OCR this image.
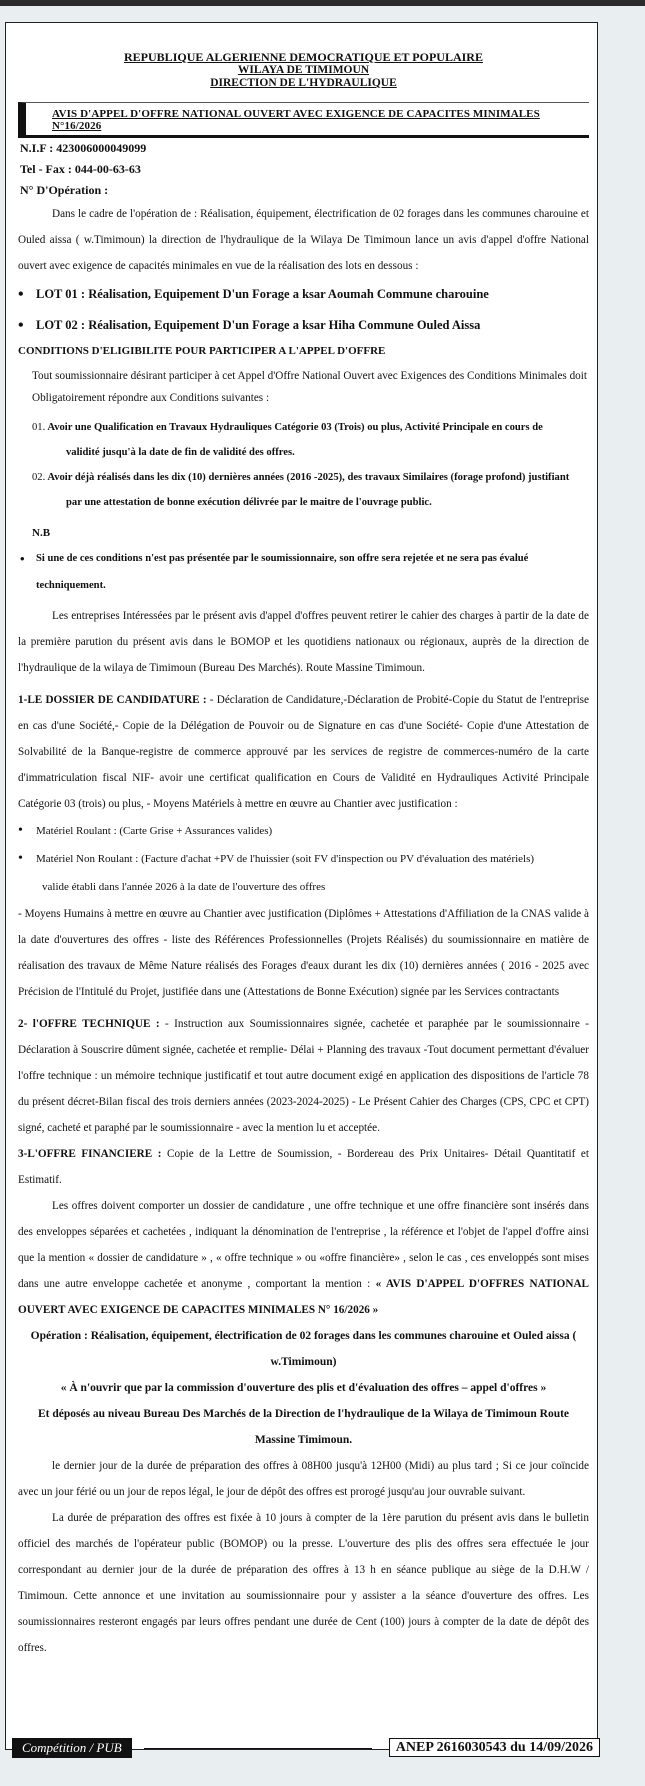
REPUBLIQUE ALGERIENNE DEMOCRATIQUE ET POPULAIRE
WILAYA DE TIMIMOUN
DIRECTION DE L'HYDRAULIQUE
AVIS D'APPEL D'OFFRE NATIONAL OUVERT AVEC EXIGENCE DE CAPACITES MINIMALES N°16/2026
N.I.F : 423006000049099
Tel - Fax : 044-00-63-63
N° D'Opération :

Dans le cadre de l'opération de : Réalisation, équipement, électrification de 02 forages dans les communes charouine et Ouled aissa ( w.Timimoun) la direction de l'hydraulique de la Wilaya De Timimoun lance un avis d'appel d'offre National ouvert avec exigence de capacités minimales en vue de la réalisation des lots en dessous :

• LOT 01 : Réalisation, Equipement D'un Forage a ksar Aoumah Commune charouine
• LOT 02 : Réalisation, Equipement D'un Forage a ksar Hiha Commune Ouled Aissa
CONDITIONS D'ELIGIBILITE POUR PARTICIPER A L'APPEL D'OFFRE

Tout soumissionnaire désirant participer à cet Appel d'Offre National Ouvert avec Exigences des Conditions Minimales doit Obligatoirement répondre aux Conditions suivantes :

01. Avoir une Qualification en Travaux Hydrauliques Catégorie 03 (Trois) ou plus, Activité Principale en cours de
validité jusqu'à la date de fin de validité des offres.
02. Avoir déjà réalisés dans les dix (10) dernières années (2016 -2025), des travaux Similaires (forage profond) justifiant
par une attestation de bonne exécution délivrée par le maitre de l'ouvrage public.
N.B

• Si une de ces conditions n'est pas présentée par le soumissionnaire, son offre sera rejetée et ne sera pas évalué techniquement.

Les entreprises Intéressées par le présent avis d'appel d'offres peuvent retirer le cahier des charges à partir de la date de la première parution du présent avis dans le BOMOP et les quotidiens nationaux ou régionaux, auprès de la direction de l'hydraulique de la wilaya de Timimoun (Bureau Des Marchés). Route Massine Timimoun.

1-LE DOSSIER DE CANDIDATURE : - Déclaration de Candidature,-Déclaration de Probité-Copie du Statut de l'entreprise en cas d'une Société,- Copie de la Délégation de Pouvoir ou de Signature en cas d'une Société- Copie d'une Attestation de Solvabilité de la Banque-registre de commerce approuvé par les services de registre de commerces-numéro de la carte d'immatriculation fiscal NIF- avoir une certificat qualification en Cours de Validité en Hydrauliques Activité Principale Catégorie 03 (trois) ou plus, - Moyens Matériels à mettre en œuvre au Chantier avec justification :

• Matériel Roulant : (Carte Grise + Assurances valides)
• Matériel Non Roulant : (Facture d'achat +PV de l'huissier (soit FV d'inspection ou PV d'évaluation des matériels)
valide établi dans l'année 2026 à la date de l'ouverture des offres

- Moyens Humains à mettre en œuvre au Chantier avec justification (Diplômes + Attestations d'Affiliation de la CNAS valide à la date d'ouvertures des offres - liste des Références Professionnelles (Projets Réalisés) du soumissionnaire en matière de réalisation des travaux de Même Nature réalisés des Forages d'eaux durant les dix (10) dernières années ( 2016 - 2025 avec Précision de l'Intitulé du Projet, justifiée dans une (Attestations de Bonne Exécution) signée par les Services contractants

2- l'OFFRE TECHNIQUE : - Instruction aux Soumissionnaires signée, cachetée et paraphée par le soumissionnaire - Déclaration à Souscrire dûment signée, cachetée et remplie- Délai + Planning des travaux -Tout document permettant d'évaluer l'offre technique : un mémoire technique justificatif et tout autre document exigé en application des dispositions de l'article 78 du présent décret-Bilan fiscal des trois derniers années (2023-2024-2025) - Le Présent Cahier des Charges (CPS, CPC et CPT) signé, cacheté et paraphé par le soumissionnaire - avec la mention lu et acceptée.

3-L'OFFRE FINANCIERE : Copie de la Lettre de Soumission, - Bordereau des Prix Unitaires- Détail Quantitatif et Estimatif.

Les offres doivent comporter un dossier de candidature , une offre technique et une offre financière sont insérés dans des enveloppes séparées et cachetées , indiquant la dénomination de l'entreprise , la référence et l'objet de l'appel d'offre ainsi que la mention « dossier de candidature » , « offre technique » ou «offre financière» , selon le cas , ces enveloppés sont mises dans une autre enveloppe cachetée et anonyme , comportant la mention : « AVIS D'APPEL D'OFFRES NATIONAL OUVERT AVEC EXIGENCE DE CAPACITES MINIMALES N° 16/2026 »

Opération : Réalisation, équipement, électrification de 02 forages dans les communes charouine et Ouled aissa ( w.Timimoun)

« À n'ouvrir que par la commission d'ouverture des plis et d'évaluation des offres – appel d'offres »

Et déposés au niveau Bureau Des Marchés de la Direction de l'hydraulique de la Wilaya de Timimoun Route Massine Timimoun.

le dernier jour de la durée de préparation des offres à 08H00 jusqu'à 12H00 (Midi) au plus tard ; Si ce jour coïncide avec un jour férié ou un jour de repos légal, le jour de dépôt des offres est prorogé jusqu'au jour ouvrable suivant.

La durée de préparation des offres est fixée à 10 jours à compter de la 1ère parution du présent avis dans le bulletin officiel des marchés de l'opérateur public (BOMOP) ou la presse. L'ouverture des plis des offres sera effectuée le jour correspondant au dernier jour de la durée de préparation des offres à 13 h en séance publique au siège de la D.H.W / Timimoun. Cette annonce et une invitation au soumissionnaire pour y assister a la séance d'ouverture des offres. Les soumissionnaires resteront engagés par leurs offres pendant une durée de Cent (100) jours à compter de la date de dépôt des offres.

Compétition / PUB	ANEP 2616030543 du 14/09/2026
